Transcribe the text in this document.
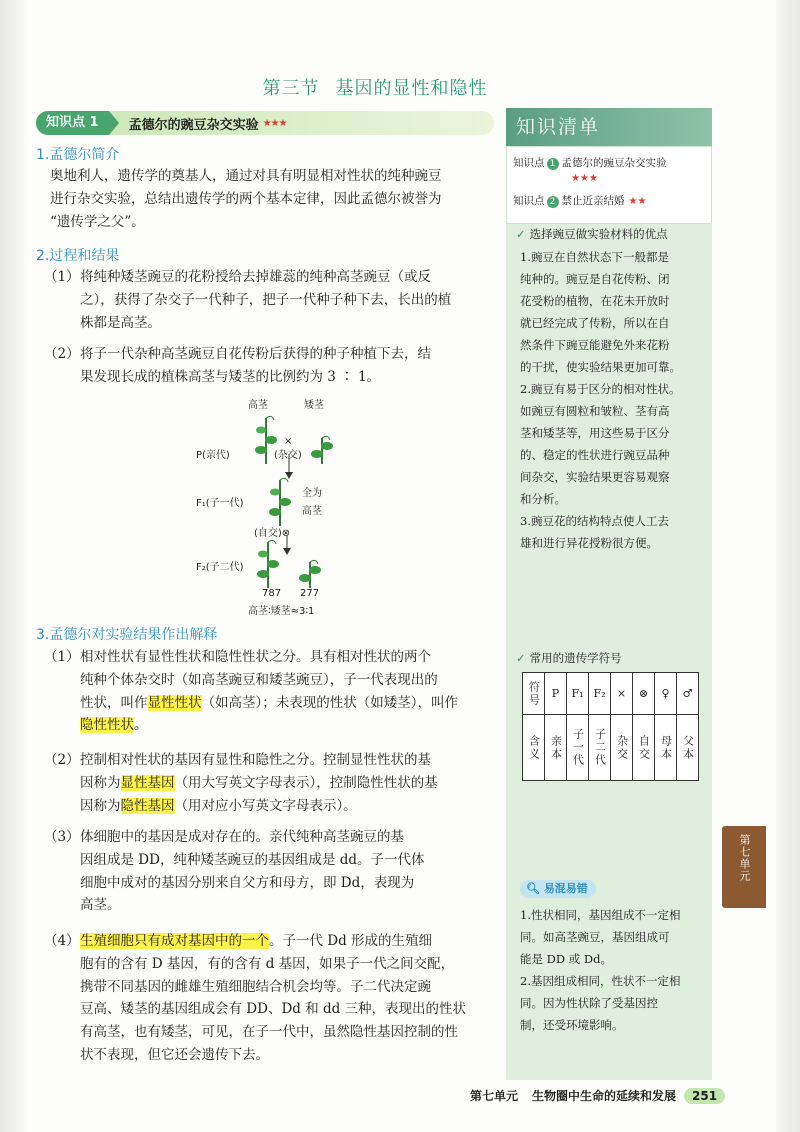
第三节 基因的显性和隐性
知识点 1	孟德尔的豌豆杂交实验 ★★★
1.孟德尔简介
奥地利人，遗传学的奠基人，通过对具有明显相对性状的纯种豌豆
进行杂交实验，总结出遗传学的两个基本定律，因此孟德尔被誉为
“遗传学之父”。
2.过程和结果
（1） 将纯种矮茎豌豆的花粉授给去掉雄蕊的纯种高茎豌豆（或反
之），获得了杂交子一代种子，把子一代种子种下去，长出的植
株都是高茎。
（2） 将子一代杂种高茎豌豆自花传粉后获得的种子种植下去，结
果发现长成的植株高茎与矮茎的比例约为 3 ∶ 1。
高茎	矮茎
P(亲代)
×
(杂交)
F₁(子一代)
全为
高茎
(自交)⊗
F₂(子二代)
787 277
高茎∶矮茎≈3∶1
3.孟德尔对实验结果作出解释
（1） 相对性状有显性性状和隐性性状之分。具有相对性状的两个
纯种个体杂交时（如高茎豌豆和矮茎豌豆），子一代表现出的
性状，叫作显性性状（如高茎）；未表现的性状（如矮茎），叫作
隐性性状。
（2） 控制相对性状的基因有显性和隐性之分。控制显性性状的基
因称为显性基因（用大写英文字母表示），控制隐性性状的基
因称为隐性基因（用对应小写英文字母表示）。
（3） 体细胞中的基因是成对存在的。亲代纯种高茎豌豆的基
因组成是 DD，纯种矮茎豌豆的基因组成是 dd。子一代体
细胞中成对的基因分别来自父方和母方，即 Dd，表现为
高茎。
（4） 生殖细胞只有成对基因中的一个。子一代 Dd 形成的生殖细
胞有的含有 D 基因，有的含有 d 基因，如果子一代之间交配，
携带不同基因的雌雄生殖细胞结合机会均等。子二代决定豌
豆高、矮茎的基因组成会有 DD、Dd 和 dd 三种，表现出的性状
有高茎，也有矮茎，可见，在子一代中，虽然隐性基因控制的性
状不表现，但它还会遗传下去。
知识清单
知识点 1 孟德尔的豌豆杂交实验
★★★
知识点 2 禁止近亲结婚 ★★
✓ 选择豌豆做实验材料的优点
1.豌豆在自然状态下一般都是
纯种的。豌豆是自花传粉、闭
花受粉的植物，在花未开放时
就已经完成了传粉，所以在自
然条件下豌豆能避免外来花粉
的干扰，使实验结果更加可靠。
2.豌豆有易于区分的相对性状。
如豌豆有圆粒和皱粒、茎有高
茎和矮茎等，用这些易于区分
的、稳定的性状进行豌豆品种
间杂交，实验结果更容易观察
和分析。
3.豌豆花的结构特点使人工去
雄和进行异花授粉很方便。
✓ 常用的遗传学符号
符号	P	F₁	F₂	×	⊗	♀	♂

含义	亲本	子一代	子二代	杂交	自交	母本	父本
🔍︎ 易混易错
1.性状相同，基因组成不一定相
同。如高茎豌豆，基因组成可
能是 DD 或 Dd。
2.基因组成相同，性状不一定相
同。因为性状除了受基因控
制，还受环境影响。
第七单元
第七单元 生物圈中生命的延续和发展	251
